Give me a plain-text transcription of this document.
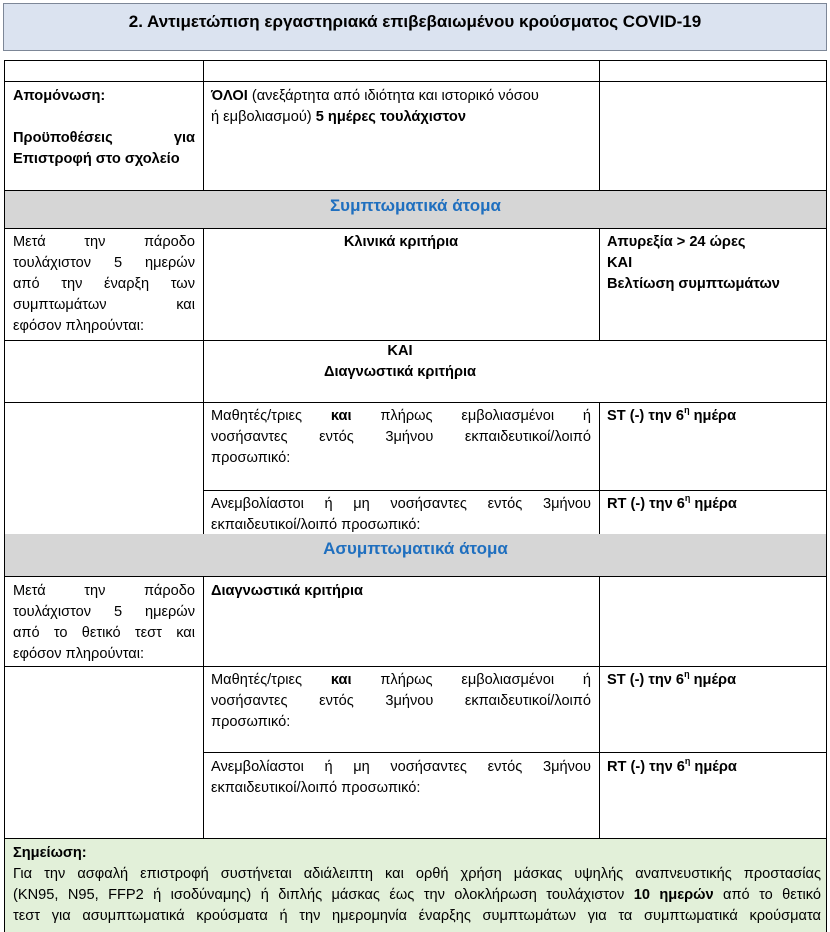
2. Αντιμετώπιση εργαστηριακά επιβεβαιωμένου κρούσματος COVID-19
Απομόνωση:
Προϋποθέσεις για
Επιστροφή στο σχολείο
ΌΛΟΙ (ανεξάρτητα από ιδιότητα και ιστορικό νόσου
ή εμβολιασμού) 5 ημέρες τουλάχιστον
Συμπτωματικά άτομα
Μετά την πάροδο
τουλάχιστον 5 ημερών
από την έναρξη των
συμπτωμάτων και
εφόσον πληρούνται:
Κλινικά κριτήρια	Απυρεξία > 24 ώρες
ΚΑΙ
Βελτίωση συμπτωμάτων
ΚΑΙ
Διαγνωστικά κριτήρια
Μαθητές/τριες και πλήρως εμβολιασμένοι ή
νοσήσαντες εντός 3μήνου εκπαιδευτικοί/λοιπό
προσωπικό:
ST (-) την $6^\eta$ ημέρα
Ανεμβολίαστοι ή μη νοσήσαντες εντός 3μήνου
εκπαιδευτικοί/λοιπό προσωπικό:
RT (-) την $6^\eta$ ημέρα
Ασυμπτωματικά άτομα
Μετά την πάροδο
τουλάχιστον 5 ημερών
από το θετικό τεστ και
εφόσον πληρούνται:
Διαγνωστικά κριτήρια
Μαθητές/τριες και πλήρως εμβολιασμένοι ή
νοσήσαντες εντός 3μήνου εκπαιδευτικοί/λοιπό
προσωπικό:
ST (-) την $6^\eta$ ημέρα
Ανεμβολίαστοι ή μη νοσήσαντες εντός 3μήνου
εκπαιδευτικοί/λοιπό προσωπικό:
RT (-) την $6^\eta$ ημέρα
Σημείωση:
Για την ασφαλή επιστροφή συστήνεται αδιάλειπτη και ορθή χρήση μάσκας υψηλής αναπνευστικής προστασίας
(KN95, N95, FFP2 ή ισοδύναμης) ή διπλής μάσκας έως την ολοκλήρωση τουλάχιστον 10 ημερών από το θετικό
τεστ για ασυμπτωματικά κρούσματα ή την ημερομηνία έναρξης συμπτωμάτων για τα συμπτωματικά κρούσματα
